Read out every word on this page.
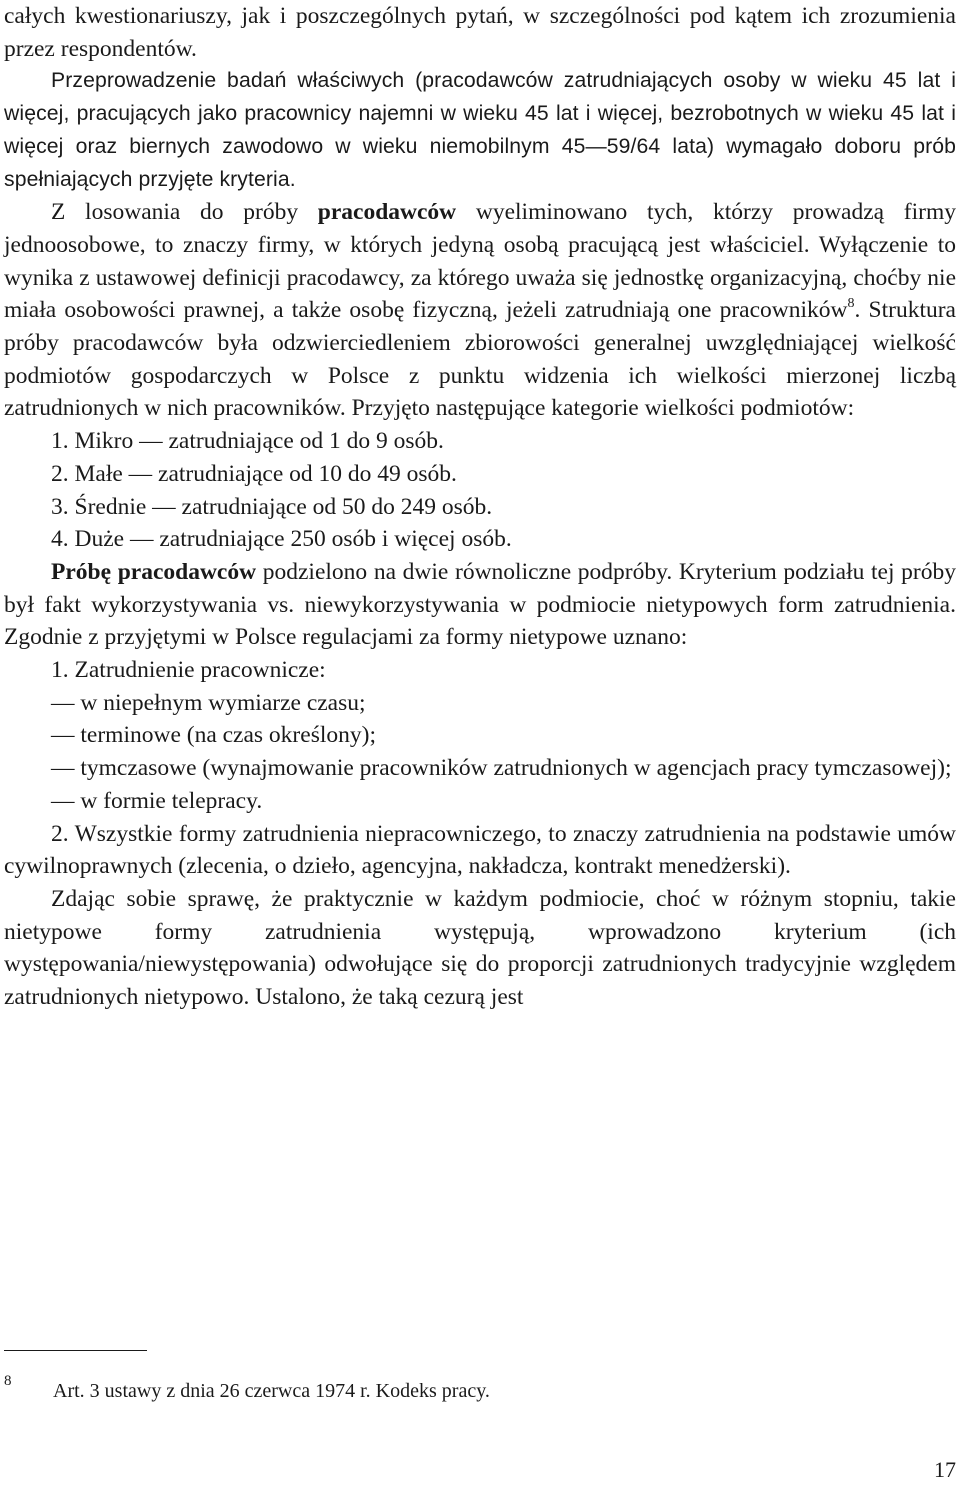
całych kwestionariuszy, jak i poszczególnych pytań, w szczególności pod kątem ich zrozumienia przez respondentów.

Przeprowadzenie badań właściwych (pracodawców zatrudniających osoby w wieku 45 lat i więcej, pracujących jako pracownicy najemni w wieku 45 lat i więcej, bezrobotnych w wieku 45 lat i więcej oraz biernych zawodowo w wieku niemobilnym 45—59/64 lata) wymagało doboru prób spełniających przyjęte kryteria.

Z losowania do próby pracodawców wyeliminowano tych, którzy prowadzą firmy jednoosobowe, to znaczy firmy, w których jedyną osobą pracującą jest właściciel. Wyłączenie to wynika z ustawowej definicji pracodawcy, za którego uważa się jednostkę organizacyjną, choćby nie miała osobowości prawnej, a także osobę fizyczną, jeżeli zatrudniają one pracowników$^8$. Struktura próby pracodawców była odzwierciedleniem zbiorowości generalnej uwzględniającej wielkość podmiotów gospodarczych w Polsce z punktu widzenia ich wielkości mierzonej liczbą zatrudnionych w nich pracowników. Przyjęto następujące kategorie wielkości podmiotów:

1. Mikro — zatrudniające od 1 do 9 osób.

2. Małe — zatrudniające od 10 do 49 osób.

3. Średnie — zatrudniające od 50 do 249 osób.

4. Duże — zatrudniające 250 osób i więcej osób.

Próbę pracodawców podzielono na dwie równoliczne podpróby. Kryterium podziału tej próby był fakt wykorzystywania vs. niewykorzystywania w podmiocie nietypowych form zatrudnienia. Zgodnie z przyjętymi w Polsce regulacjami za formy nietypowe uznano:

1. Zatrudnienie pracownicze:

— w niepełnym wymiarze czasu;

— terminowe (na czas określony);

— tymczasowe (wynajmowanie pracowników zatrudnionych w agencjach pracy tymczasowej);

— w formie telepracy.

2. Wszystkie formy zatrudnienia niepracowniczego, to znaczy zatrudnienia na podstawie umów cywilnoprawnych (zlecenia, o dzieło, agencyjna, nakładcza, kontrakt menedżerski).

Zdając sobie sprawę, że praktycznie w każdym podmiocie, choć w różnym stopniu, takie nietypowe formy zatrudnienia występują, wprowadzono kryterium (ich występowania/niewystępowania) odwołujące się do proporcji zatrudnionych tradycyjnie względem zatrudnionych nietypowo. Ustalono, że taką cezurą jest

8 Art. 3 ustawy z dnia 26 czerwca 1974 r. Kodeks pracy.
17
